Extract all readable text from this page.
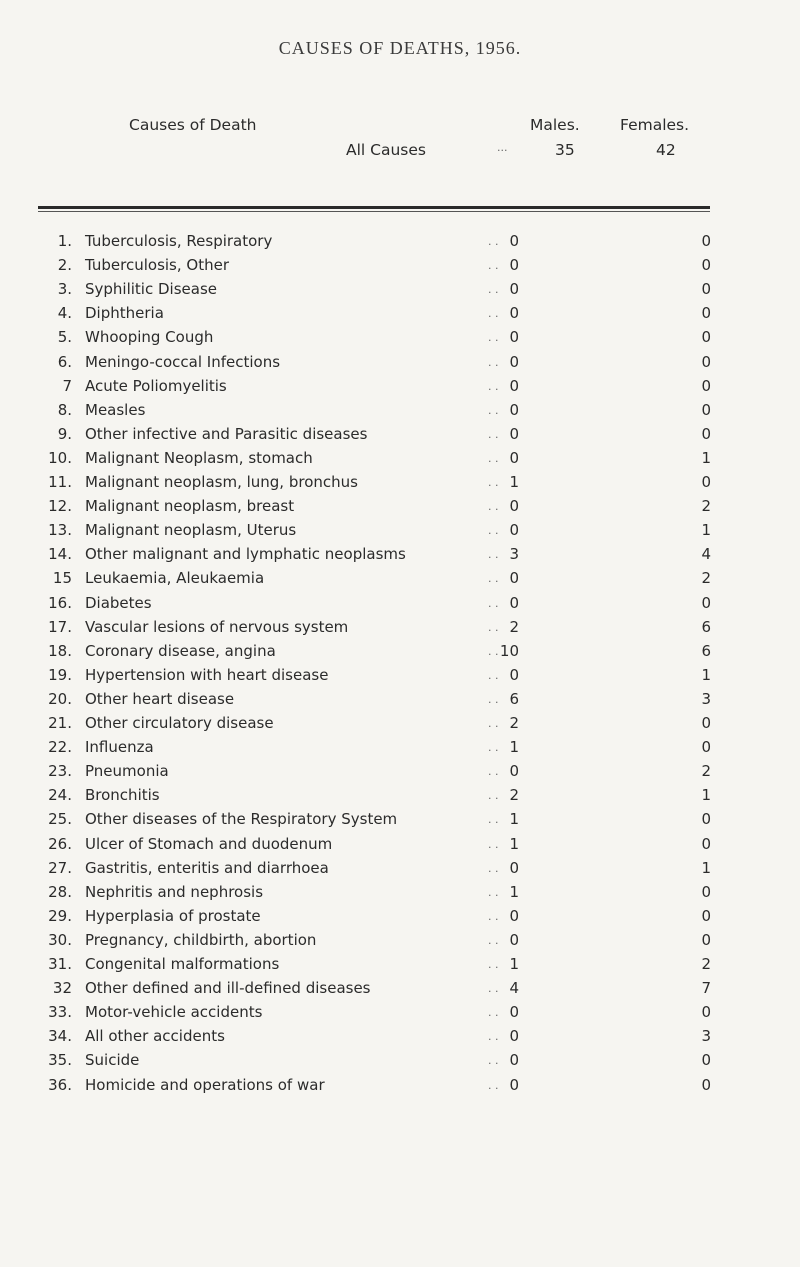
CAUSES OF DEATHS, 1956.
Causes of Death	Males.	Females.
All Causes	...	35	42
1. Tuberculosis, Respiratory	. . 0	0
2. Tuberculosis, Other	. . 0	0
3. Syphilitic Disease	. . 0	0
4. Diphtheria	. . 0	0
5. Whooping Cough	. . 0	0
6. Meningo-coccal Infections	. . 0	0
7 Acute Poliomyelitis	. . 0	0
8. Measles	. . 0	0
9. Other infective and Parasitic diseases	. . 0	0
10. Malignant Neoplasm, stomach	. . 0	1
11. Malignant neoplasm, lung, bronchus	. . 1	0
12. Malignant neoplasm, breast	. . 0	2
13. Malignant neoplasm, Uterus	. . 0	1
14. Other malignant and lymphatic neoplasms	. . 3	4
15 Leukaemia, Aleukaemia	. . 0	2
16. Diabetes	. . 0	0
17. Vascular lesions of nervous system	. . 2	6
18. Coronary disease, angina	. . 10	6
19. Hypertension with heart disease	. . 0	1
20. Other heart disease	. . 6	3
21. Other circulatory disease	. . 2	0
22. Influenza	. . 1	0
23. Pneumonia	. . 0	2
24. Bronchitis	. . 2	1
25. Other diseases of the Respiratory System	. . 1	0
26. Ulcer of Stomach and duodenum	. . 1	0
27. Gastritis, enteritis and diarrhoea	. . 0	1
28. Nephritis and nephrosis	. . 1	0
29. Hyperplasia of prostate	. . 0	0
30. Pregnancy, childbirth, abortion	. . 0	0
31. Congenital malformations	. . 1	2
32 Other defined and ill-defined diseases	. . 4	7
33. Motor-vehicle accidents	. . 0	0
34. All other accidents	. . 0	3
35. Suicide	. . 0	0
36. Homicide and operations of war	. . 0	0
